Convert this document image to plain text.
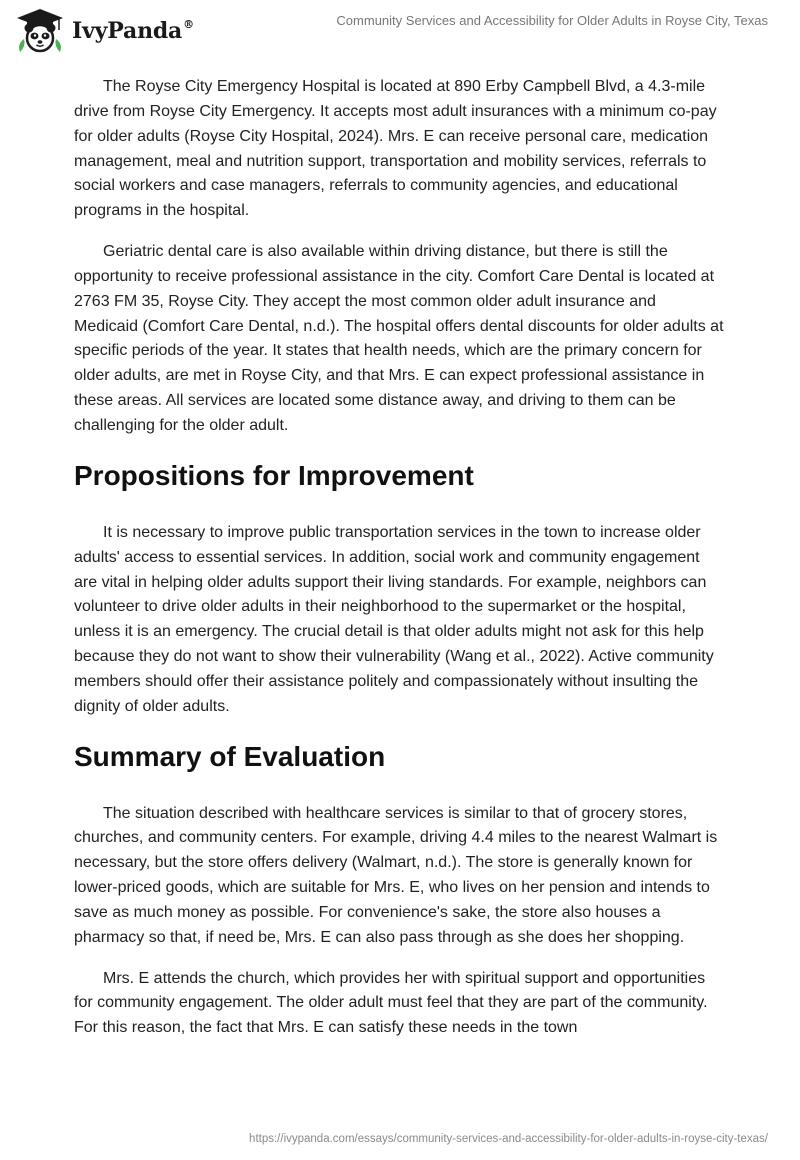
IvyPanda®	Community Services and Accessibility for Older Adults in Royse City, Texas

The Royse City Emergency Hospital is located at 890 Erby Campbell Blvd, a 4.3-mile drive from Royse City Emergency. It accepts most adult insurances with a minimum co-pay for older adults (Royse City Hospital, 2024). Mrs. E can receive personal care, medication management, meal and nutrition support, transportation and mobility services, referrals to social workers and case managers, referrals to community agencies, and educational programs in the hospital.

Geriatric dental care is also available within driving distance, but there is still the opportunity to receive professional assistance in the city. Comfort Care Dental is located at 2763 FM 35, Royse City. They accept the most common older adult insurance and Medicaid (Comfort Care Dental, n.d.). The hospital offers dental discounts for older adults at specific periods of the year. It states that health needs, which are the primary concern for older adults, are met in Royse City, and that Mrs. E can expect professional assistance in these areas. All services are located some distance away, and driving to them can be challenging for the older adult.

Propositions for Improvement

It is necessary to improve public transportation services in the town to increase older adults' access to essential services. In addition, social work and community engagement are vital in helping older adults support their living standards. For example, neighbors can volunteer to drive older adults in their neighborhood to the supermarket or the hospital, unless it is an emergency. The crucial detail is that older adults might not ask for this help because they do not want to show their vulnerability (Wang et al., 2022). Active community members should offer their assistance politely and compassionately without insulting the dignity of older adults.

Summary of Evaluation

The situation described with healthcare services is similar to that of grocery stores, churches, and community centers. For example, driving 4.4 miles to the nearest Walmart is necessary, but the store offers delivery (Walmart, n.d.). The store is generally known for lower-priced goods, which are suitable for Mrs. E, who lives on her pension and intends to save as much money as possible. For convenience's sake, the store also houses a pharmacy so that, if need be, Mrs. E can also pass through as she does her shopping.

Mrs. E attends the church, which provides her with spiritual support and opportunities for community engagement. The older adult must feel that they are part of the community. For this reason, the fact that Mrs. E can satisfy these needs in the town

https://ivypanda.com/essays/community-services-and-accessibility-for-older-adults-in-royse-city-texas/
